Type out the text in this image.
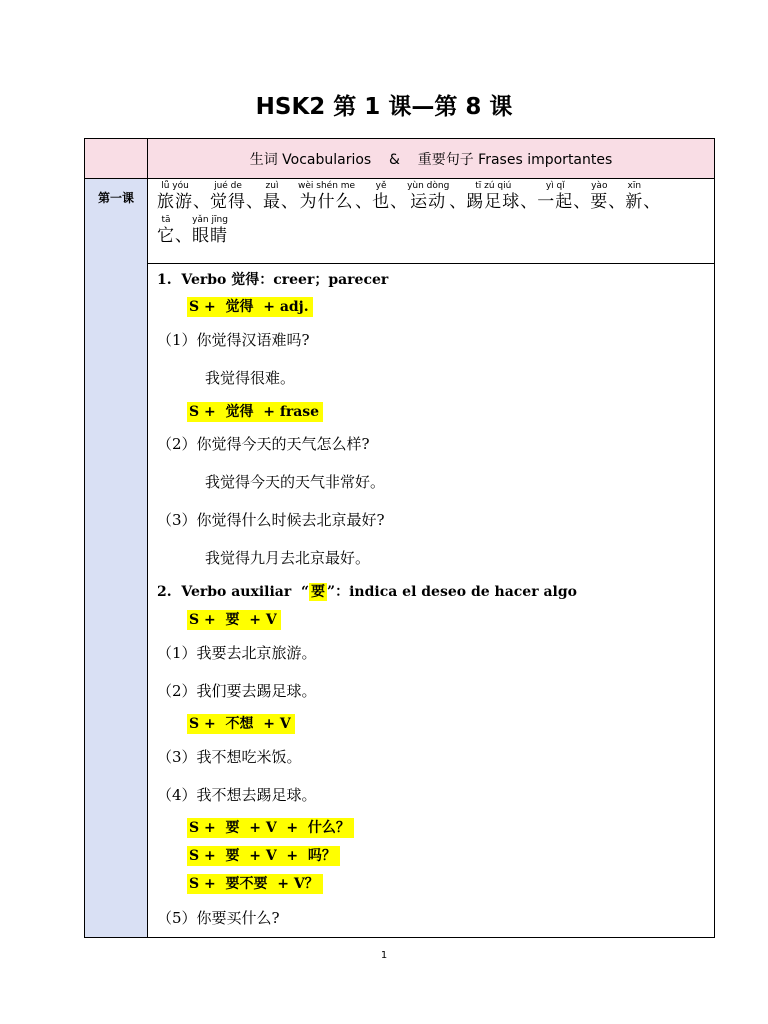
HSK2 第 1 课—第 8 课
第一课
生词 Vocabularios    &    重要句子 Frases importantes
lǚ yóu
旅游 、
jué de
觉得 、
zuì
最 、
wèi shén me
为什么 、
yě
也 、
yùn dòng
运动 、
tī zú qiú
踢足球 、
yì qǐ
一起 、
yào
要 、
xīn
新 、
tā
它 、
yǎn jīng
眼睛
1.  Verbo 觉得：creer；parecer
S +  觉得  + adj.
（1）你觉得汉语难吗?
我觉得很难。
S +  觉得  + frase
（2）你觉得今天的天气怎么样?
我觉得今天的天气非常好。
（3）你觉得什么时候去北京最好?
我觉得九月去北京最好。
2.  Verbo auxiliar  “ 要 ”：indica el deseo de hacer algo
S +  要  + V
（1）我要去北京旅游。
（2）我们要去踢足球。
S +  不想  + V
（3）我不想吃米饭。
（4）我不想去踢足球。
S +  要  + V  +  什么？
S +  要  + V  +  吗？
S +  要不要  + V？
（5）你要买什么?
1
